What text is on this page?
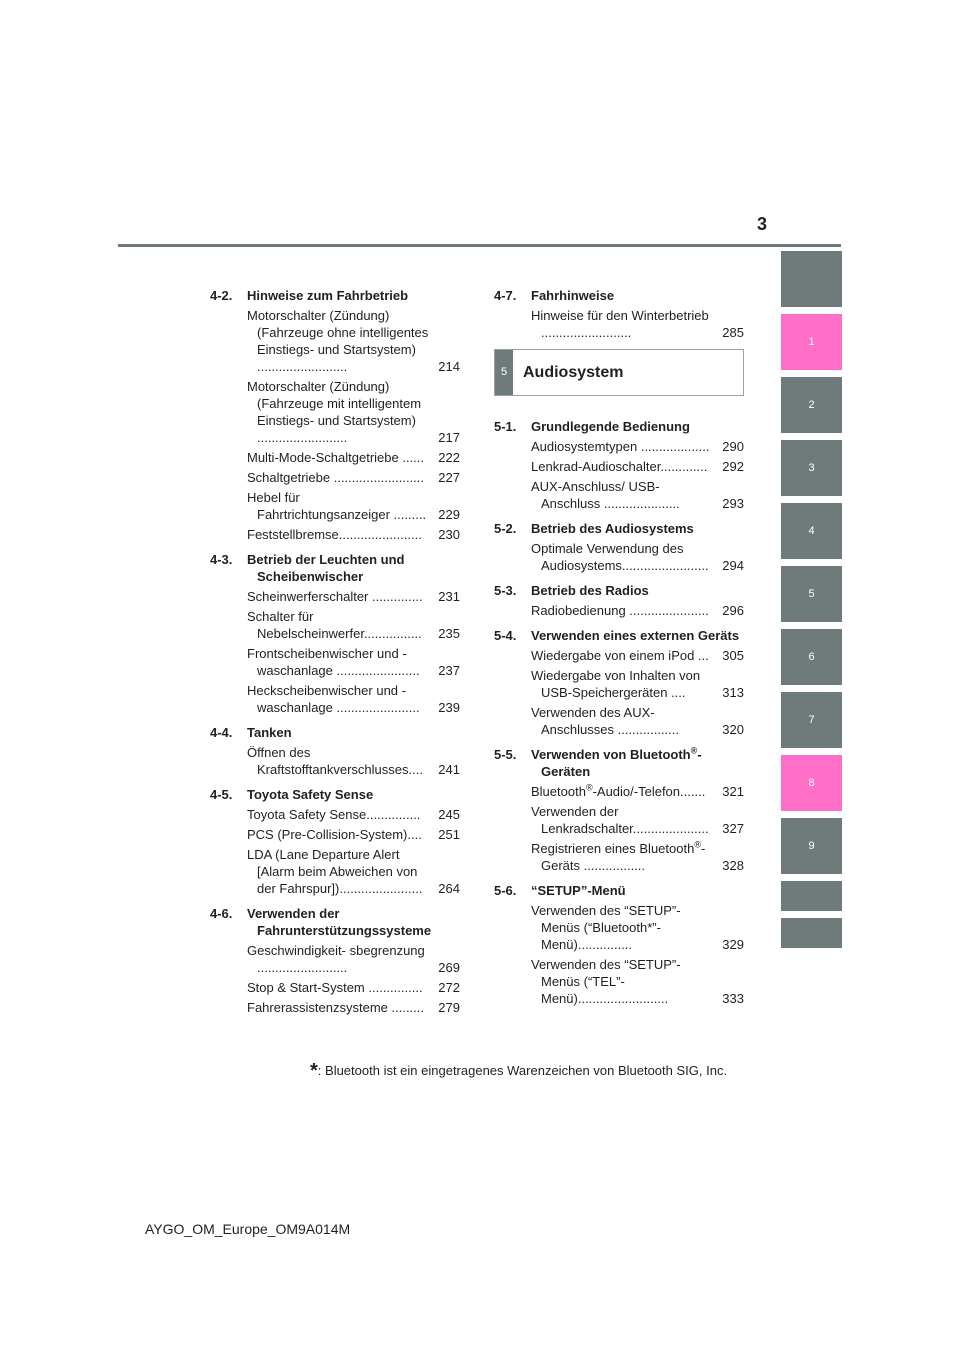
3
4-2.	Hinweise zum Fahrbetrieb
Motorschalter (Zündung) (Fahrzeuge ohne intelligentes Einstiegs- und Startsystem) .........................	214
Motorschalter (Zündung) (Fahrzeuge mit intelligentem Einstiegs- und Startsystem) .........................	217
Multi-Mode-Schaltgetriebe ...... 222
Schaltgetriebe ......................... 227
Hebel für Fahrtrichtungsanzeiger ......... 229
Feststellbremse....................... 230
4-3.	Betrieb der Leuchten und Scheibenwischer
Scheinwerferschalter .............. 231
Schalter für Nebelscheinwerfer................ 235
Frontscheibenwischer und -waschanlage ....................... 237
Heckscheibenwischer und -waschanlage ....................... 239
4-4.	Tanken
Öffnen des Kraftstofftankverschlusses.... 241
4-5.	Toyota Safety Sense
Toyota Safety Sense............... 245
PCS (Pre-Collision-System).... 251
LDA (Lane Departure Alert [Alarm beim Abweichen von der Fahrspur])....................... 264
4-6.	Verwenden der Fahrunterstützungssysteme
Geschwindigkeit- sbegrenzung .........................	269
Stop & Start-System ............... 272
Fahrerassistenzsysteme ......... 279
4-7.	Fahrhinweise
Hinweise für den Winterbetrieb .........................	285
5 Audiosystem
5-1.	Grundlegende Bedienung
Audiosystemtypen ................... 290
Lenkrad-Audioschalter............. 292
AUX-Anschluss/ USB-Anschluss .....................	293
5-2.	Betrieb des Audiosystems
Optimale Verwendung des Audiosystems........................ 294
5-3.	Betrieb des Radios
Radiobedienung ...................... 296
5-4.	Verwenden eines externen Geräts
Wiedergabe von einem iPod ... 305
Wiedergabe von Inhalten von USB-Speichergeräten ....	313
Verwenden des AUX-Anschlusses .................	320
5-5.	Verwenden von Bluetooth®-Geräten
Bluetooth®-Audio/-Telefon....... 321
Verwenden der Lenkradschalter..................... 327
Registrieren eines Bluetooth®-Geräts .................	328
5-6.	“SETUP”-Menü
Verwenden des “SETUP”-Menüs (“Bluetooth*”-Menü)...............	329
Verwenden des “SETUP”-Menüs (“TEL”-Menü).........................	333
*: Bluetooth ist ein eingetragenes Warenzeichen von Bluetooth SIG, Inc.
AYGO_OM_Europe_OM9A014M
1
2
3
4
5
6
7
8
9
